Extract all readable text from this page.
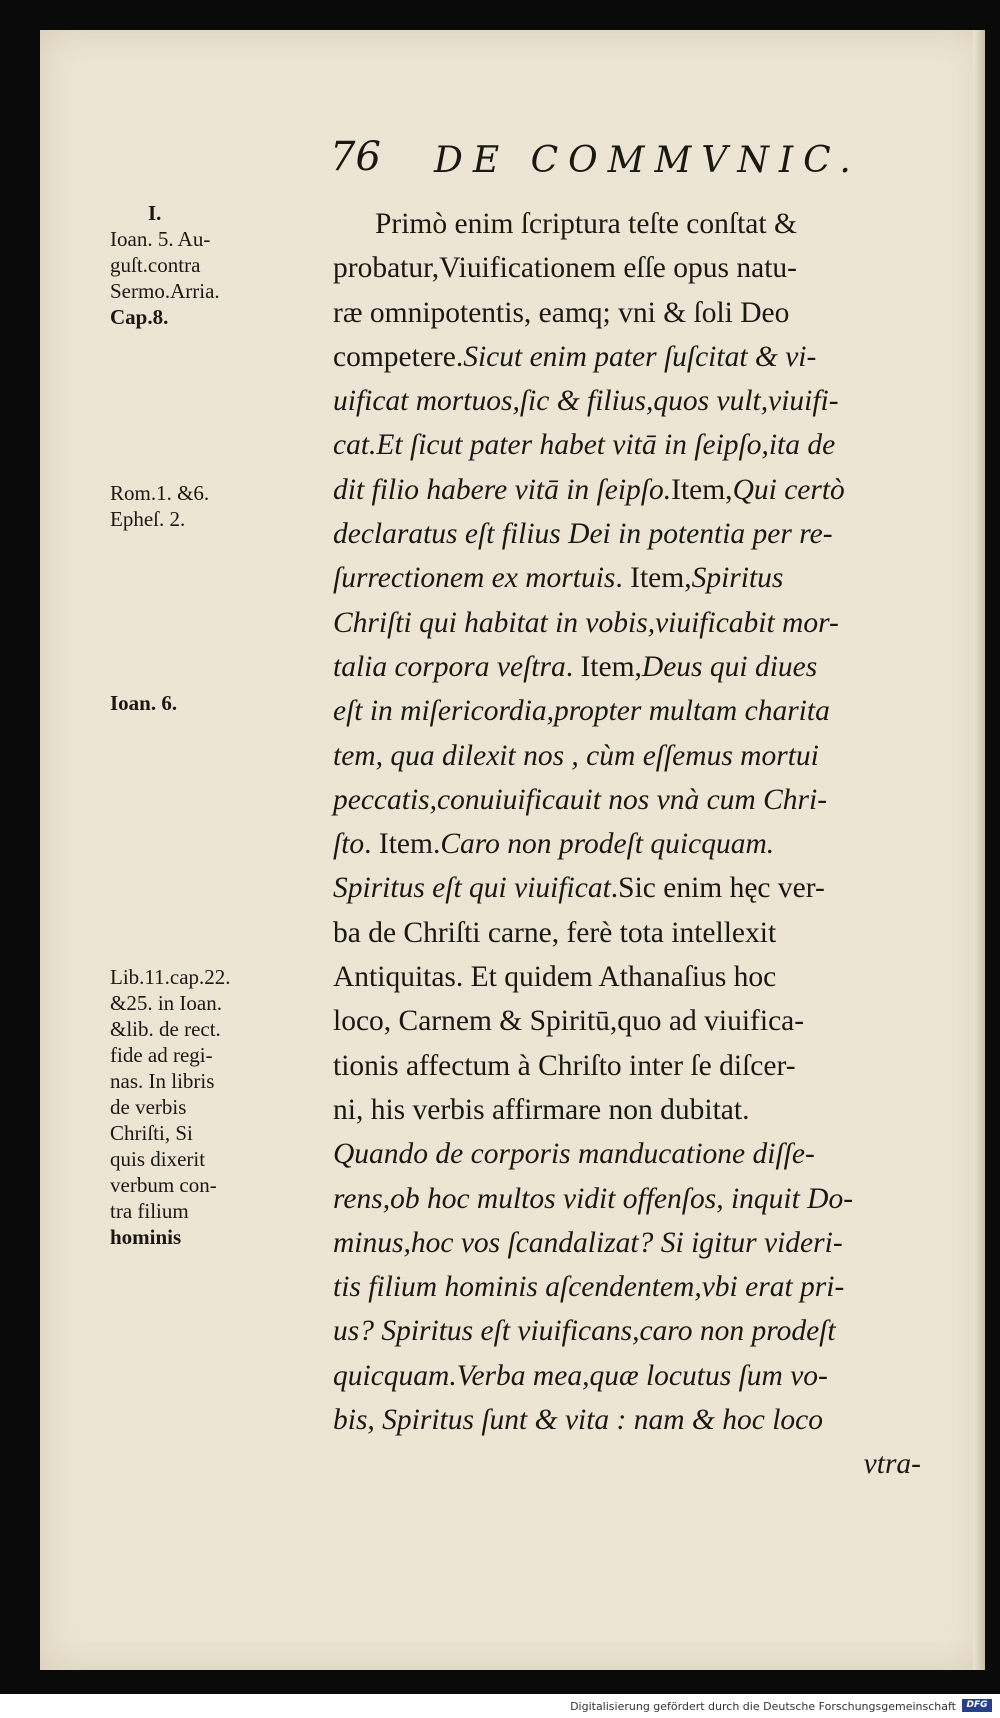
76 DE COMMVNIC.
I.
Ioan. 5. Au-
guſt.contra
Sermo.Arria.
Cap.8.
Rom.1. &6.
Epheſ. 2.
Ioan. 6.
Lib.11.cap.22.
&25. in Ioan.
&lib. de rect.
fide ad regi-
nas. In libris
de verbis
Chriſti, Si
quis dixerit
verbum con-
tra filium
hominis
Primò enim ſcriptura teſte conſtat &
probatur,Viuificationem eſſe opus natu-
ræ omnipotentis, eamq; vni & ſoli Deo
competere.Sicut enim pater ſuſcitat & vi-
uificat mortuos,ſic & filius,quos vult,viuifi-
cat.Et ſicut pater habet vitā in ſeipſo,ita de
dit filio habere vitā in ſeipſo.Item,Qui certò
declaratus eſt filius Dei in potentia per re-
ſurrectionem ex mortuis. Item,Spiritus
Chriſti qui habitat in vobis,viuificabit mor-
talia corpora veſtra. Item,Deus qui diues
eſt in miſericordia,propter multam charita
tem, qua dilexit nos , cùm eſſemus mortui
peccatis,conuiuificauit nos vnà cum Chri-
ſto. Item.Caro non prodeſt quicquam.
Spiritus eſt qui viuificat.Sic enim hęc ver-
ba de Chriſti carne, ferè tota intellexit
Antiquitas. Et quidem Athanaſius hoc
loco, Carnem & Spiritū,quo ad viuifica-
tionis affectum à Chriſto inter ſe diſcer-
ni, his verbis affirmare non dubitat.
Quando de corporis manducatione diſſe-
rens,ob hoc multos vidit offenſos, inquit Do-
minus,hoc vos ſcandalizat? Si igitur videri-
tis filium hominis aſcendentem,vbi erat pri-
us? Spiritus eſt viuificans,caro non prodeſt
quicquam.Verba mea,quæ locutus ſum vo-
bis, Spiritus ſunt & vita : nam & hoc loco
vtra-
Digitalisierung gefördert durch die Deutsche Forschungsgemeinschaft	DFG
